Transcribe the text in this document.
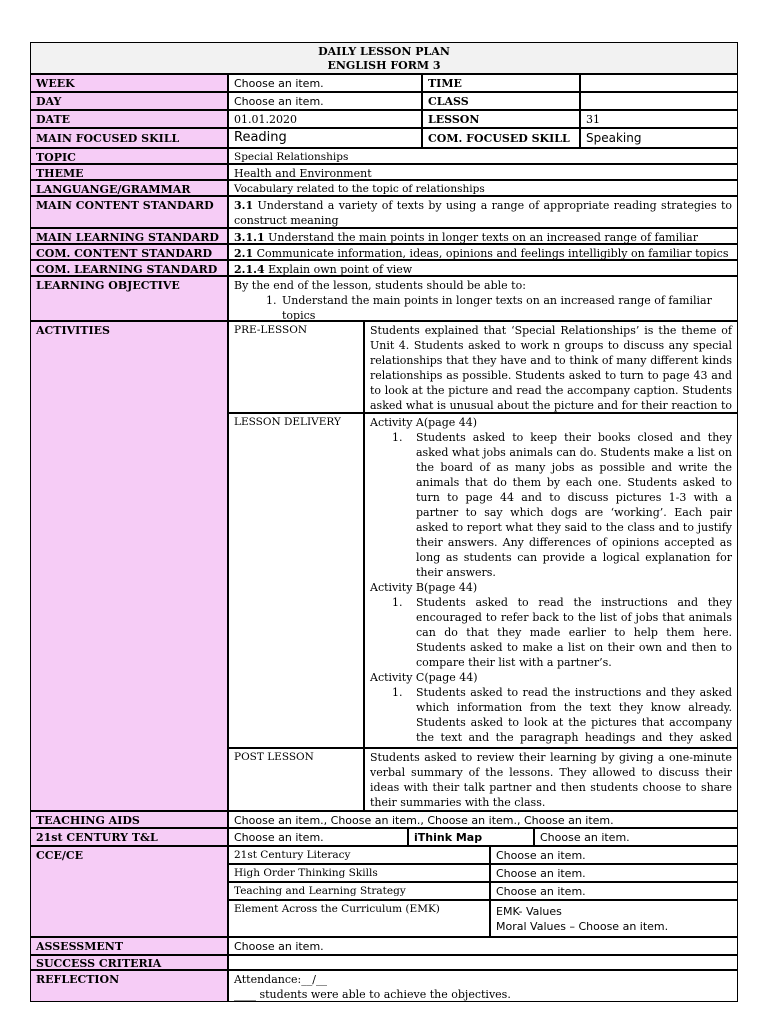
DAILY LESSON PLAN
ENGLISH FORM 3
WEEK	Choose an item.	TIME
DAY	Choose an item.	CLASS
DATE	01.01.2020	LESSON	31
MAIN FOCUSED SKILL	Reading	COM. FOCUSED SKILL	Speaking
TOPIC	Special Relationships
THEME	Health and Environment
LANGUANGE/GRAMMAR	Vocabulary related to the topic of relationships
MAIN CONTENT STANDARD	3.1 Understand a variety of texts by using a range of appropriate reading strategies to construct meaning
MAIN LEARNING STANDARD	3.1.1 Understand the main points in longer texts on an increased range of familiar
COM. CONTENT STANDARD	2.1 Communicate information, ideas, opinions and feelings intelligibly on familiar topics
COM. LEARNING STANDARD	2.1.4 Explain own point of view
LEARNING OBJECTIVE	By the end of the lesson, students should be able to:
1. Understand the main points in longer texts on an increased range of familiar topics
ACTIVITIES	PRE-LESSON	Students explained that ‘Special Relationships’ is the theme of Unit 4. Students asked to work n groups to discuss any special relationships that they have and to think of many different kinds relationships as possible. Students asked to turn to page 43 and to look at the picture and read the accompany caption. Students asked what is unusual about the picture and for their reaction to
LESSON DELIVERY	Activity A(page 44)
1. Students asked to keep their books closed and they asked what jobs animals can do. Students make a list on the board of as many jobs as possible and write the animals that do them by each one. Students asked to turn to page 44 and to discuss pictures 1-3 with a partner to say which dogs are ‘working’. Each pair asked to report what they said to the class and to justify their answers. Any differences of opinions accepted as long as students can provide a logical explanation for their answers.
Activity B(page 44)
1. Students asked to read the instructions and they encouraged to refer back to the list of jobs that animals can do that they made earlier to help them here. Students asked to make a list on their own and then to compare their list with a partner’s.
Activity C(page 44)
1. Students asked to read the instructions and they asked which information from the text they know already. Students asked to look at the pictures that accompany the text and the paragraph headings and they asked
POST LESSON	Students asked to review their learning by giving a one-minute verbal summary of the lessons. They allowed to discuss their ideas with their talk partner and then students choose to share their summaries with the class.
TEACHING AIDS	Choose an item., Choose an item., Choose an item., Choose an item.
21st CENTURY T&L	Choose an item.	iThink Map	Choose an item.
CCE/CE	21st Century Literacy	Choose an item.
High Order Thinking Skills	Choose an item.
Teaching and Learning Strategy	Choose an item.
Element Across the Curriculum (EMK)	EMK- Values
Moral Values – Choose an item.
ASSESSMENT	Choose an item.
SUCCESS CRITERIA
REFLECTION	Attendance:__/__
____ students were able to achieve the objectives.
